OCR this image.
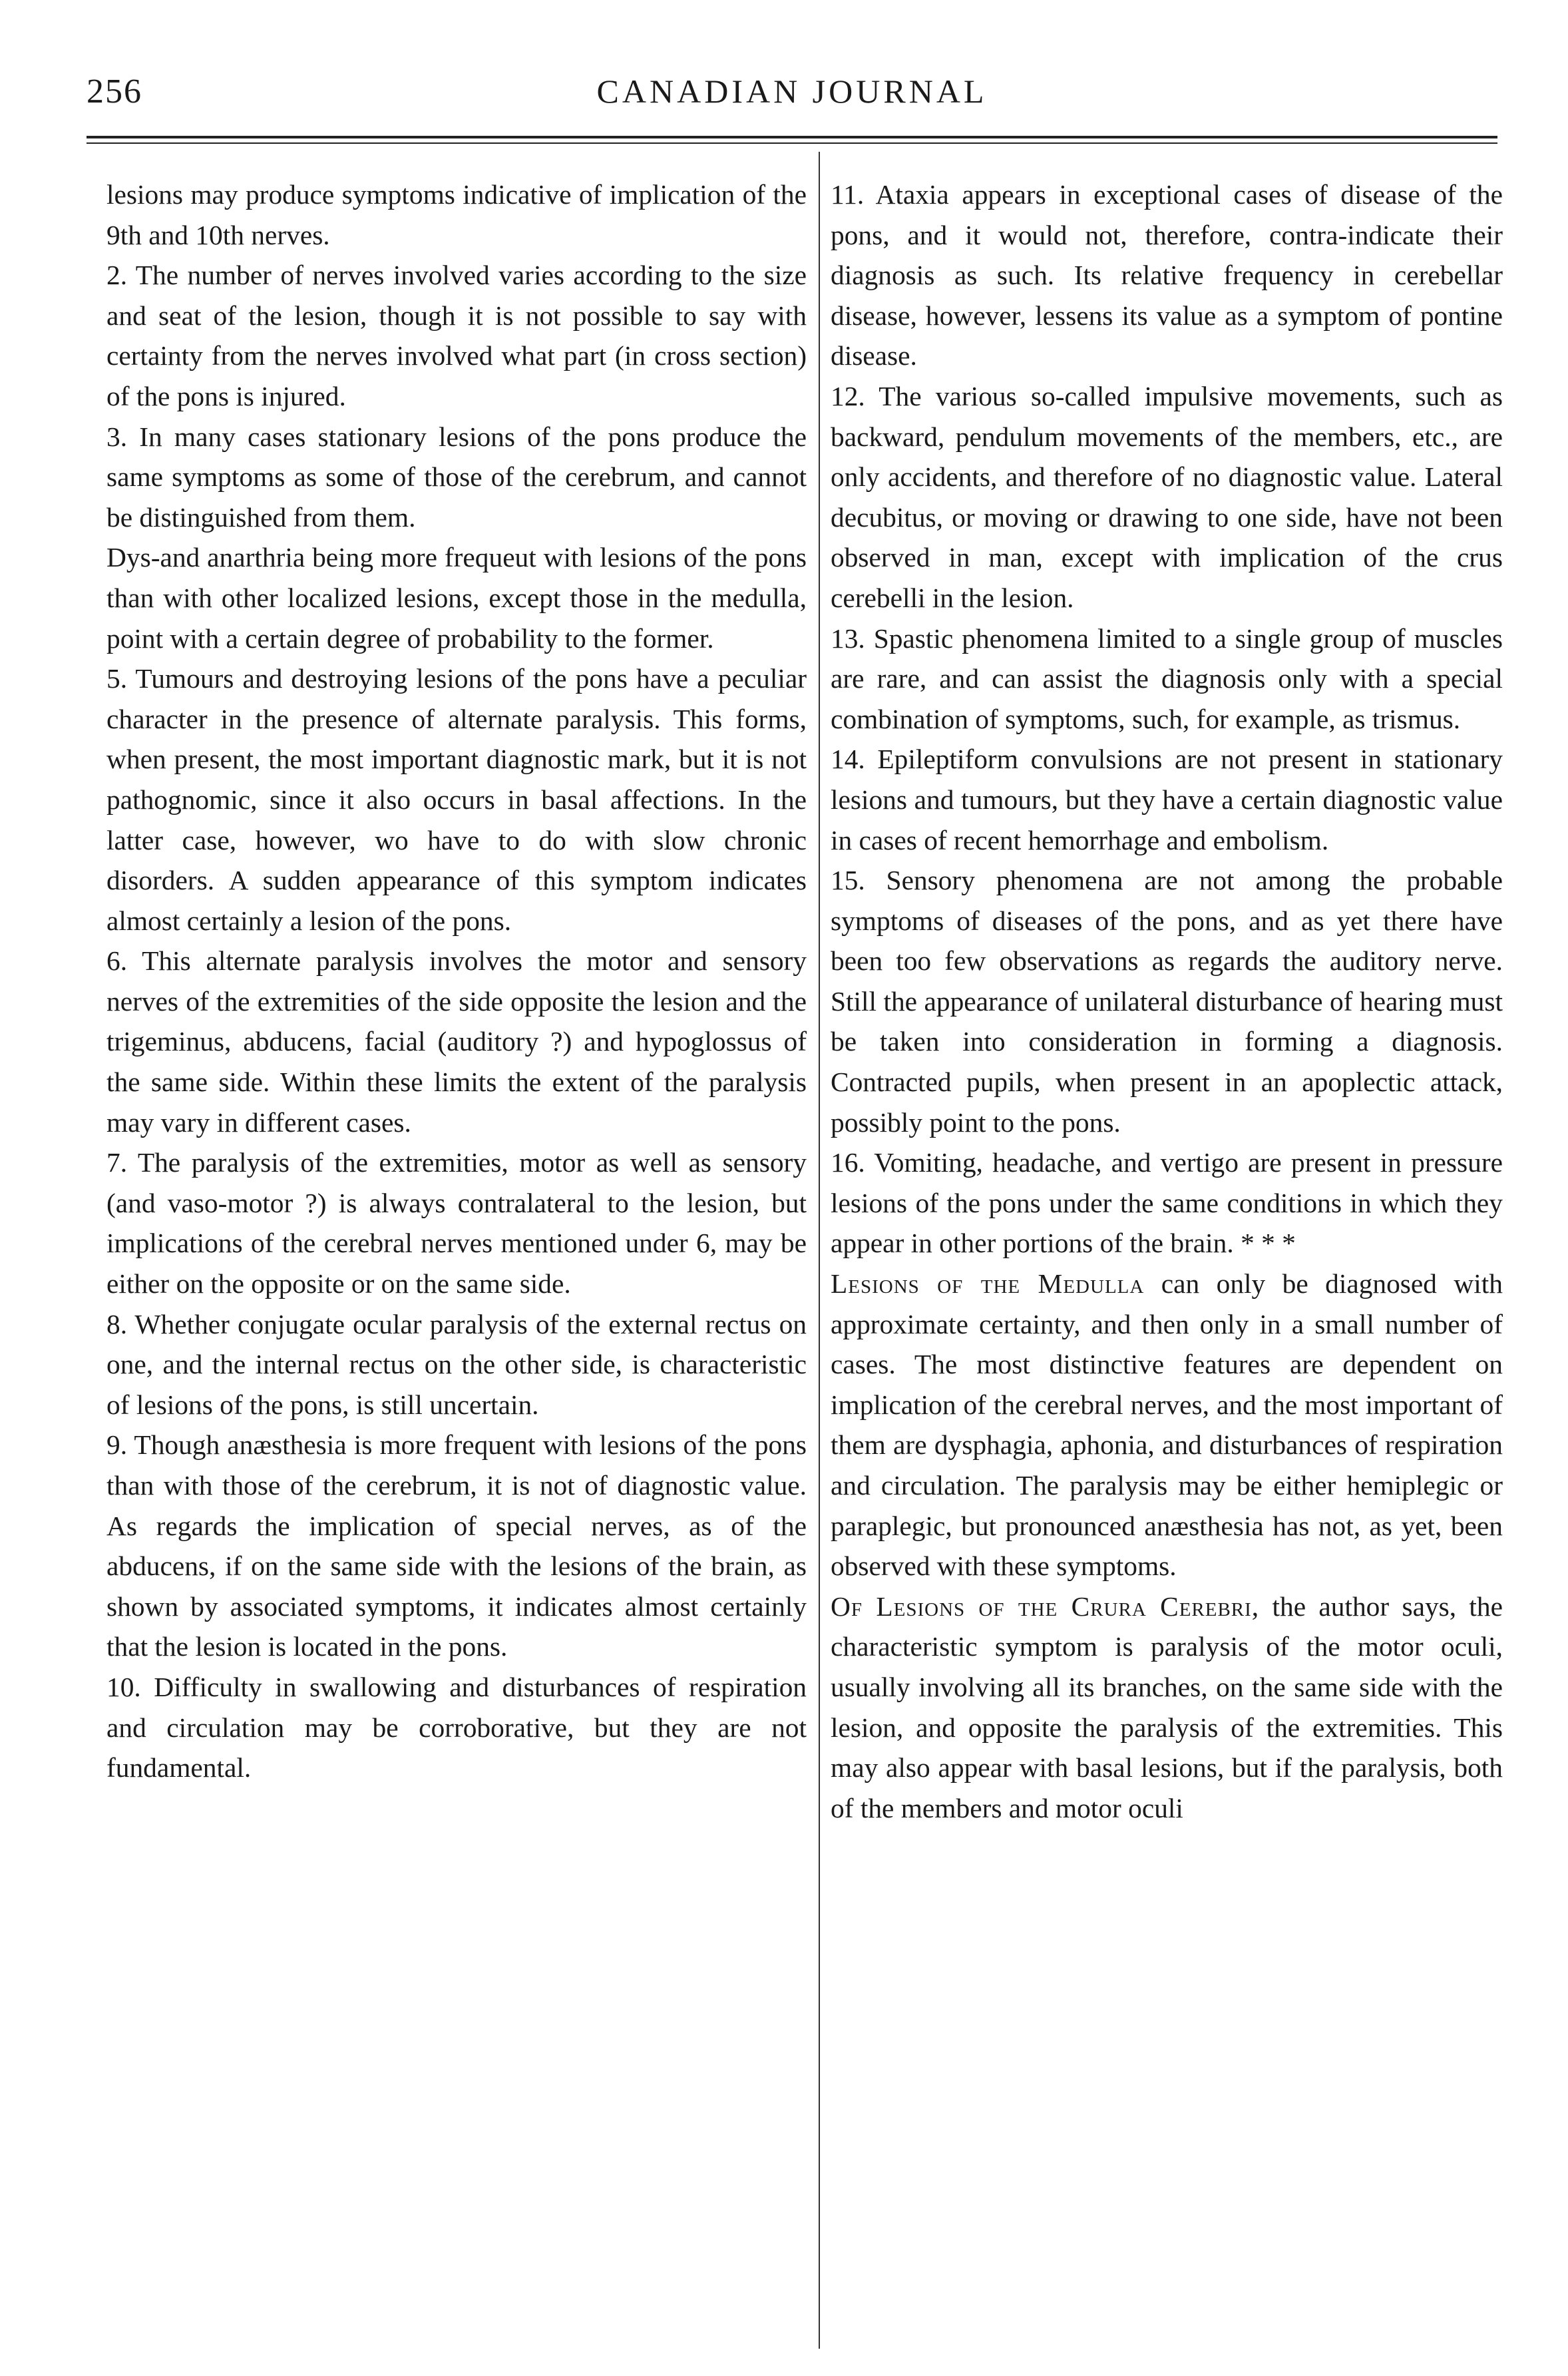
256	CANADIAN JOURNAL

lesions may produce symptoms indicative of implication of the 9th and 10th nerves.

2. The number of nerves involved varies according to the size and seat of the lesion, though it is not possible to say with certainty from the nerves involved what part (in cross section) of the pons is injured.

3. In many cases stationary lesions of the pons produce the same symptoms as some of those of the cerebrum, and cannot be distinguished from them.

Dys-and anarthria being more frequeut with lesions of the pons than with other localized lesions, except those in the medulla, point with a certain degree of probability to the former.

5. Tumours and destroying lesions of the pons have a peculiar character in the presence of alternate paralysis. This forms, when present, the most important diagnostic mark, but it is not pathognomic, since it also occurs in basal affections. In the latter case, however, wo have to do with slow chronic disorders. A sudden appearance of this symptom indicates almost certainly a lesion of the pons.

6. This alternate paralysis involves the motor and sensory nerves of the extremities of the side opposite the lesion and the trigeminus, abducens, facial (auditory ?) and hypoglossus of the same side. Within these limits the extent of the paralysis may vary in different cases.

7. The paralysis of the extremities, motor as well as sensory (and vaso-motor ?) is always contralateral to the lesion, but implications of the cerebral nerves mentioned under 6, may be either on the opposite or on the same side.

8. Whether conjugate ocular paralysis of the external rectus on one, and the internal rectus on the other side, is characteristic of lesions of the pons, is still uncertain.

9. Though anæsthesia is more frequent with lesions of the pons than with those of the cerebrum, it is not of diagnostic value. As regards the implication of special nerves, as of the abducens, if on the same side with the lesions of the brain, as shown by associated symptoms, it indicates almost certainly that the lesion is located in the pons.

10. Difficulty in swallowing and disturbances of respiration and circulation may be corroborative, but they are not fundamental.

11. Ataxia appears in exceptional cases of disease of the pons, and it would not, therefore, contra-indicate their diagnosis as such. Its relative frequency in cerebellar disease, however, lessens its value as a symptom of pontine disease.

12. The various so-called impulsive movements, such as backward, pendulum movements of the members, etc., are only accidents, and therefore of no diagnostic value. Lateral decubitus, or moving or drawing to one side, have not been observed in man, except with implication of the crus cerebelli in the lesion.

13. Spastic phenomena limited to a single group of muscles are rare, and can assist the diagnosis only with a special combination of symptoms, such, for example, as trismus.

14. Epileptiform convulsions are not present in stationary lesions and tumours, but they have a certain diagnostic value in cases of recent hemorrhage and embolism.

15. Sensory phenomena are not among the probable symptoms of diseases of the pons, and as yet there have been too few observations as regards the auditory nerve. Still the appearance of unilateral disturbance of hearing must be taken into consideration in forming a diagnosis. Contracted pupils, when present in an apoplectic attack, possibly point to the pons.

16. Vomiting, headache, and vertigo are present in pressure lesions of the pons under the same conditions in which they appear in other portions of the brain. * * *

Lesions of the Medulla can only be diagnosed with approximate certainty, and then only in a small number of cases. The most distinctive features are dependent on implication of the cerebral nerves, and the most important of them are dysphagia, aphonia, and disturbances of respiration and circulation. The paralysis may be either hemiplegic or paraplegic, but pronounced anæsthesia has not, as yet, been observed with these symptoms.

Of Lesions of the Crura Cerebri, the author says, the characteristic symptom is paralysis of the motor oculi, usually involving all its branches, on the same side with the lesion, and opposite the paralysis of the extremities. This may also appear with basal lesions, but if the paralysis, both of the members and motor oculi
